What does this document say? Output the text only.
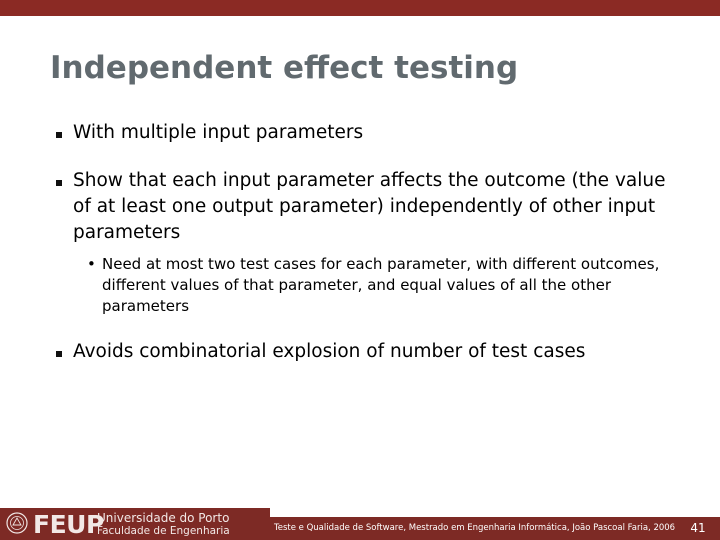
Independent effect testing
With multiple input parameters
Show that each input parameter affects the outcome (the value of at least one output parameter) independently of other input parameters
• Need at most two test cases for each parameter, with different outcomes, different values of that parameter, and equal values of all the other parameters
Avoids combinatorial explosion of number of test cases
FEUP
Universidade do Porto
Faculdade de Engenharia	Teste e Qualidade de Software, Mestrado em Engenharia Informática, João Pascoal Faria, 2006	41
